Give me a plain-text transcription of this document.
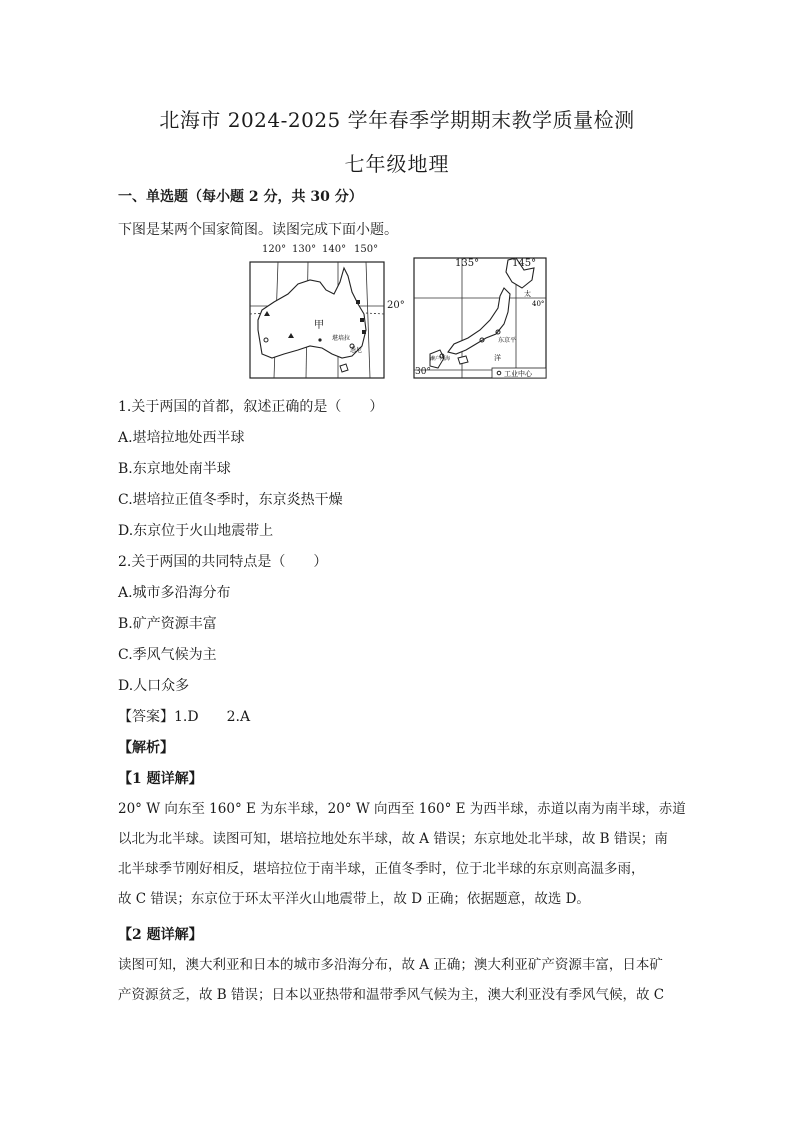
北海市 2024-2025 学年春季学期期末教学质量检测
七年级地理
一、单选题（每小题 2 分，共 30 分）
下图是某两个国家简图。读图完成下面小题。
甲
堪培拉
悉尼
120° 130° 140° 150°
20°
太
40°
东京平
洋
濑户内海
工业中心
135°	145°
30°
1.关于两国的首都，叙述正确的是（　　）
A.堪培拉地处西半球
B.东京地处南半球
C.堪培拉正值冬季时，东京炎热干燥
D.东京位于火山地震带上
2.关于两国的共同特点是（　　）
A.城市多沿海分布
B.矿产资源丰富
C.季风气候为主
D.人口众多
【答案】1.D　　2.A
【解析】
【1 题详解】
20° W 向东至 160° E 为东半球，20° W 向西至 160° E 为西半球，赤道以南为南半球，赤道
以北为北半球。读图可知，堪培拉地处东半球，故 A 错误；东京地处北半球，故 B 错误；南
北半球季节刚好相反，堪培拉位于南半球，正值冬季时，位于北半球的东京则高温多雨，
故 C 错误；东京位于环太平洋火山地震带上，故 D 正确；依据题意，故选 D。
【2 题详解】
读图可知，澳大利亚和日本的城市多沿海分布，故 A 正确；澳大利亚矿产资源丰富，日本矿
产资源贫乏，故 B 错误；日本以亚热带和温带季风气候为主，澳大利亚没有季风气候，故 C
